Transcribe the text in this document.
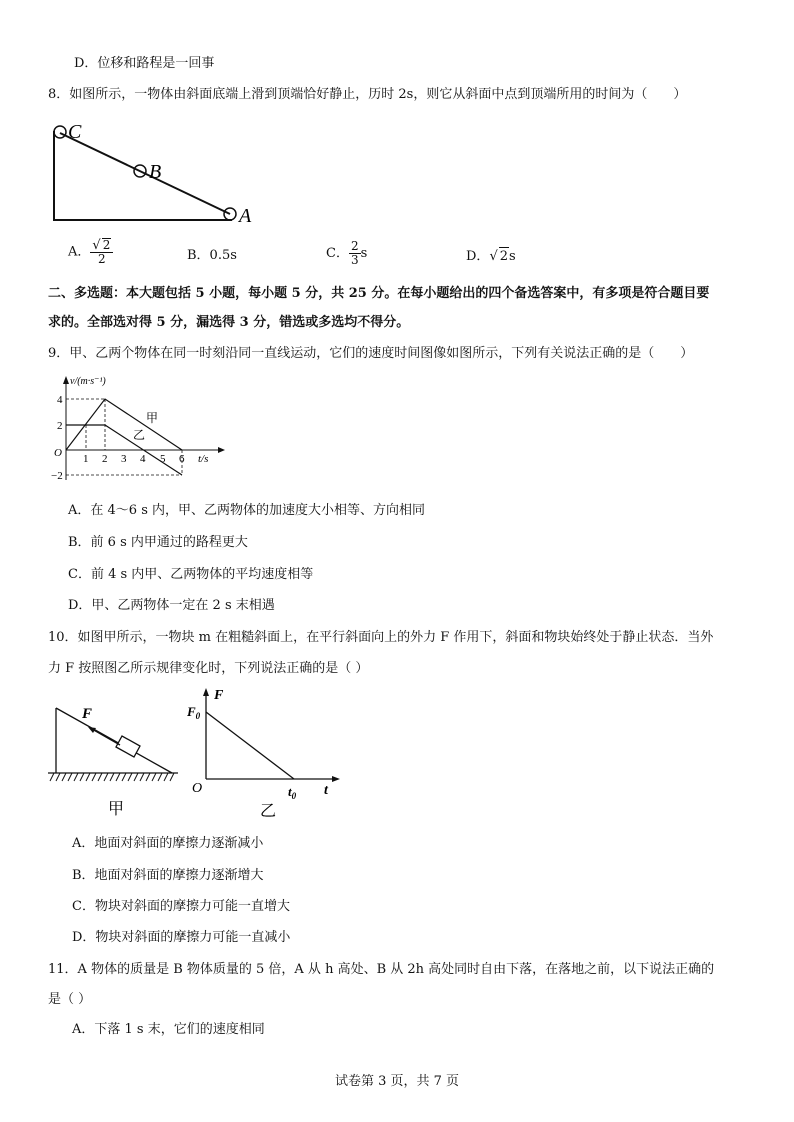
D．位移和路程是一回事
8．如图所示，一物体由斜面底端上滑到顶端恰好静止，历时 2s，则它从斜面中点到顶端所用的时间为（　　）
C
B
A
A． $\frac{√ 2}{2}$	B．0.5s	C． $\frac{2}{3}$ s	D．√ 2s
二、多选题：本大题包括 5 小题，每小题 5 分，共 25 分。在每小题给出的四个备选答案中，有多项是符合题目要
求的。全部选对得 5 分，漏选得 3 分，错选或多选均不得分。
9．甲、乙两个物体在同一时刻沿同一直线运动，它们的速度时间图像如图所示，下列有关说法正确的是（　　）
v/(m·s⁻¹)
t/s
O
4
2
−2
1 2 3 4 5 6
甲
乙
A．在 4～6 s 内，甲、乙两物体的加速度大小相等、方向相同
B．前 6 s 内甲通过的路程更大
C．前 4 s 内甲、乙两物体的平均速度相等
D．甲、乙两物体一定在 2 s 末相遇
10．如图甲所示，一物块 m 在粗糙斜面上，在平行斜面向上的外力 F 作用下，斜面和物块始终处于静止状态．当外
力 F 按照图乙所示规律变化时，下列说法正确的是（ ）
F
甲
F
$F_0$
O	$t_0$ t
乙
A．地面对斜面的摩擦力逐渐减小
B．地面对斜面的摩擦力逐渐增大
C．物块对斜面的摩擦力可能一直增大
D．物块对斜面的摩擦力可能一直减小
11．A 物体的质量是 B 物体质量的 5 倍，A 从 h 高处、B 从 2h 高处同时自由下落，在落地之前，以下说法正确的
是（ ）
A．下落 1 s 末，它们的速度相同
试卷第 3 页，共 7 页
